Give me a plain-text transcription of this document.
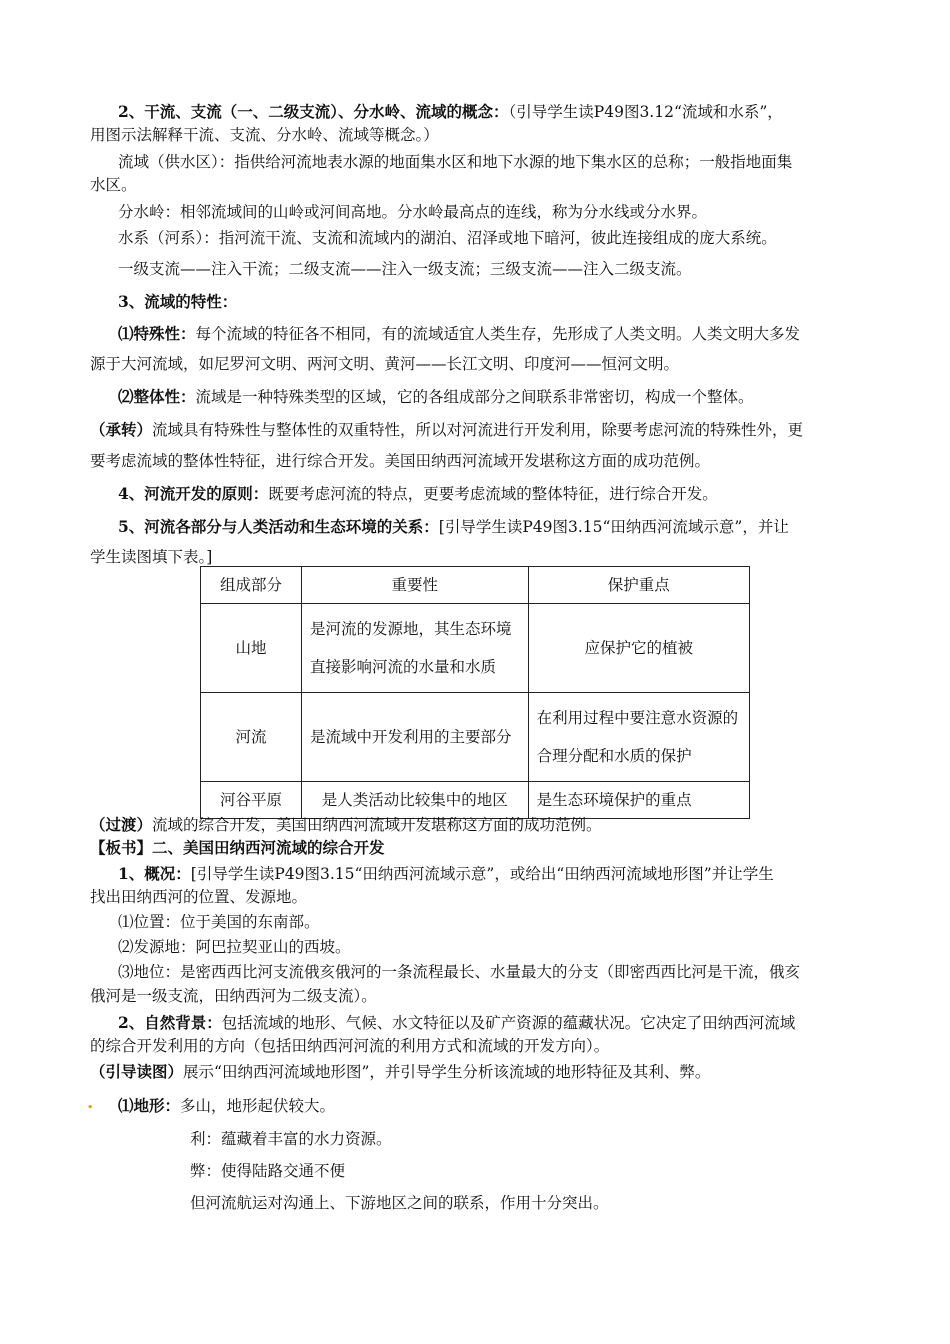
2、干流、支流（一、二级支流）、分水岭、流域的概念：（引导学生读P49图3.12“流域和水系”，
用图示法解释干流、支流、分水岭、流域等概念。）
流域（供水区）：指供给河流地表水源的地面集水区和地下水源的地下集水区的总称；一般指地面集
水区。
分水岭：相邻流域间的山岭或河间高地。分水岭最高点的连线，称为分水线或分水界。
水系（河系）：指河流干流、支流和流域内的湖泊、沼泽或地下暗河，彼此连接组成的庞大系统。
一级支流——注入干流；二级支流——注入一级支流；三级支流——注入二级支流。
3、流域的特性：
⑴特殊性：每个流域的特征各不相同，有的流域适宜人类生存，先形成了人类文明。人类文明大多发
源于大河流域，如尼罗河文明、两河文明、黄河——长江文明、印度河——恒河文明。
⑵整体性：流域是一种特殊类型的区域，它的各组成部分之间联系非常密切，构成一个整体。
（承转）流域具有特殊性与整体性的双重特性，所以对河流进行开发利用，除要考虑河流的特殊性外，更
要考虑流域的整体性特征，进行综合开发。美国田纳西河流域开发堪称这方面的成功范例。
4、河流开发的原则：既要考虑河流的特点，更要考虑流域的整体特征，进行综合开发。
5、河流各部分与人类活动和生态环境的关系：[引导学生读P49图3.15“田纳西河流域示意”，并让
学生读图填下表。]
组成部分	重要性	保护重点
山地	是河流的发源地，其生态环境直接影响河流的水量和水质	应保护它的植被
河流	是流域中开发利用的主要部分	在利用过程中要注意水资源的合理分配和水质的保护
河谷平原	是人类活动比较集中的地区	是生态环境保护的重点
（过渡）流域的综合开发，美国田纳西河流域开发堪称这方面的成功范例。
【板书】二、美国田纳西河流域的综合开发
1、概况：[引导学生读P49图3.15“田纳西河流域示意”，或给出“田纳西河流域地形图”并让学生
找出田纳西河的位置、发源地。
⑴位置：位于美国的东南部。
⑵发源地：阿巴拉契亚山的西坡。
⑶地位：是密西西比河支流俄亥俄河的一条流程最长、水量最大的分支（即密西西比河是干流，俄亥
俄河是一级支流，田纳西河为二级支流）。
2、自然背景：包括流域的地形、气候、水文特征以及矿产资源的蕴藏状况。它决定了田纳西河流域
的综合开发利用的方向（包括田纳西河河流的利用方式和流域的开发方向）。
（引导读图）展示“田纳西河流域地形图”，并引导学生分析该流域的地形特征及其利、弊。
. ⑴地形：多山，地形起伏较大。
利：蕴藏着丰富的水力资源。
弊：使得陆路交通不便
但河流航运对沟通上、下游地区之间的联系，作用十分突出。
